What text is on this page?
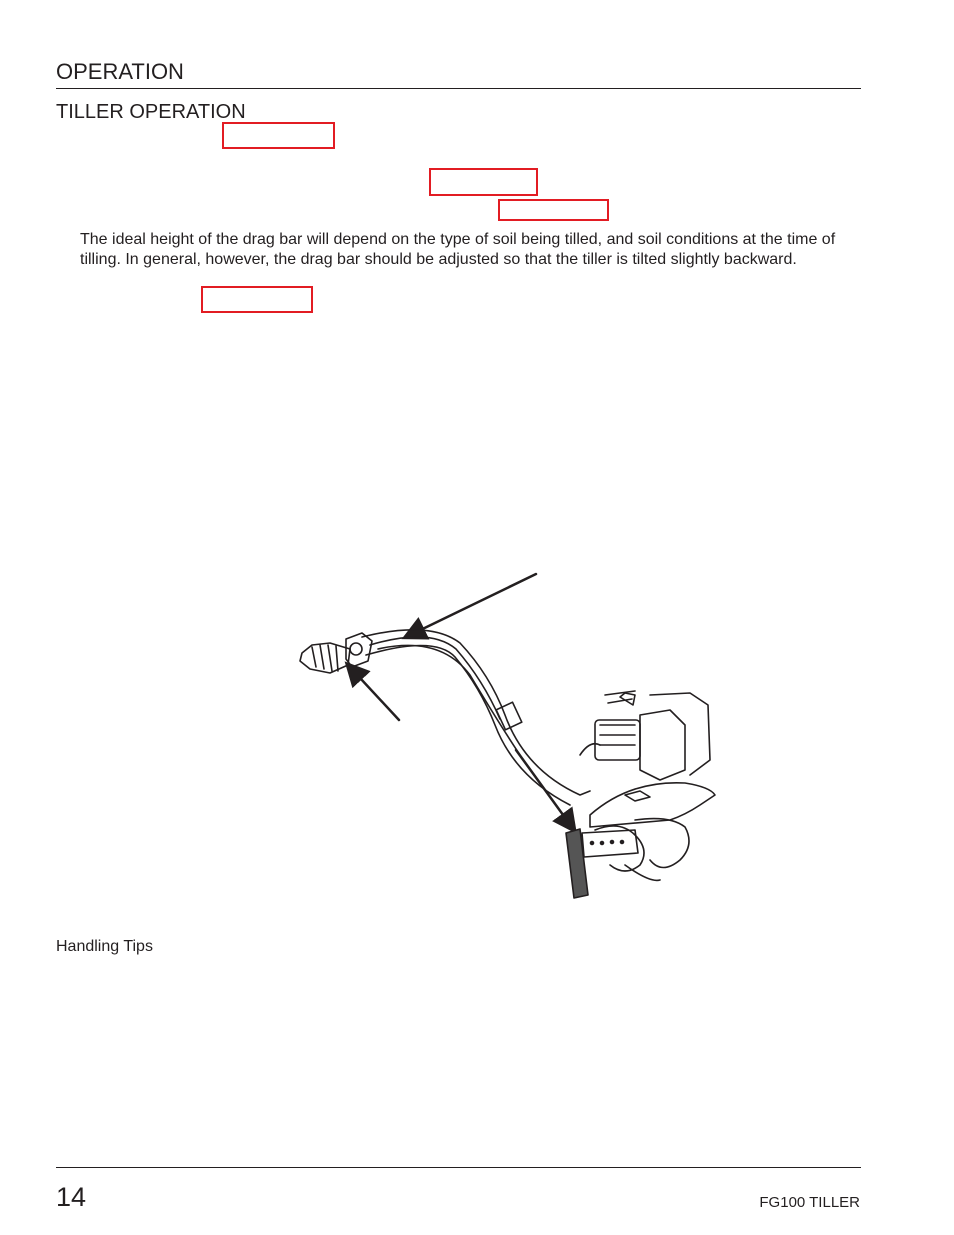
OPERATION
TILLER OPERATION

The ideal height of the drag bar will depend on the type of soil being tilled, and soil conditions at the time of tilling. In general, however, the drag bar should be adjusted so that the tiller is tilted slightly backward.

Handling Tips
14	FG100 TILLER
